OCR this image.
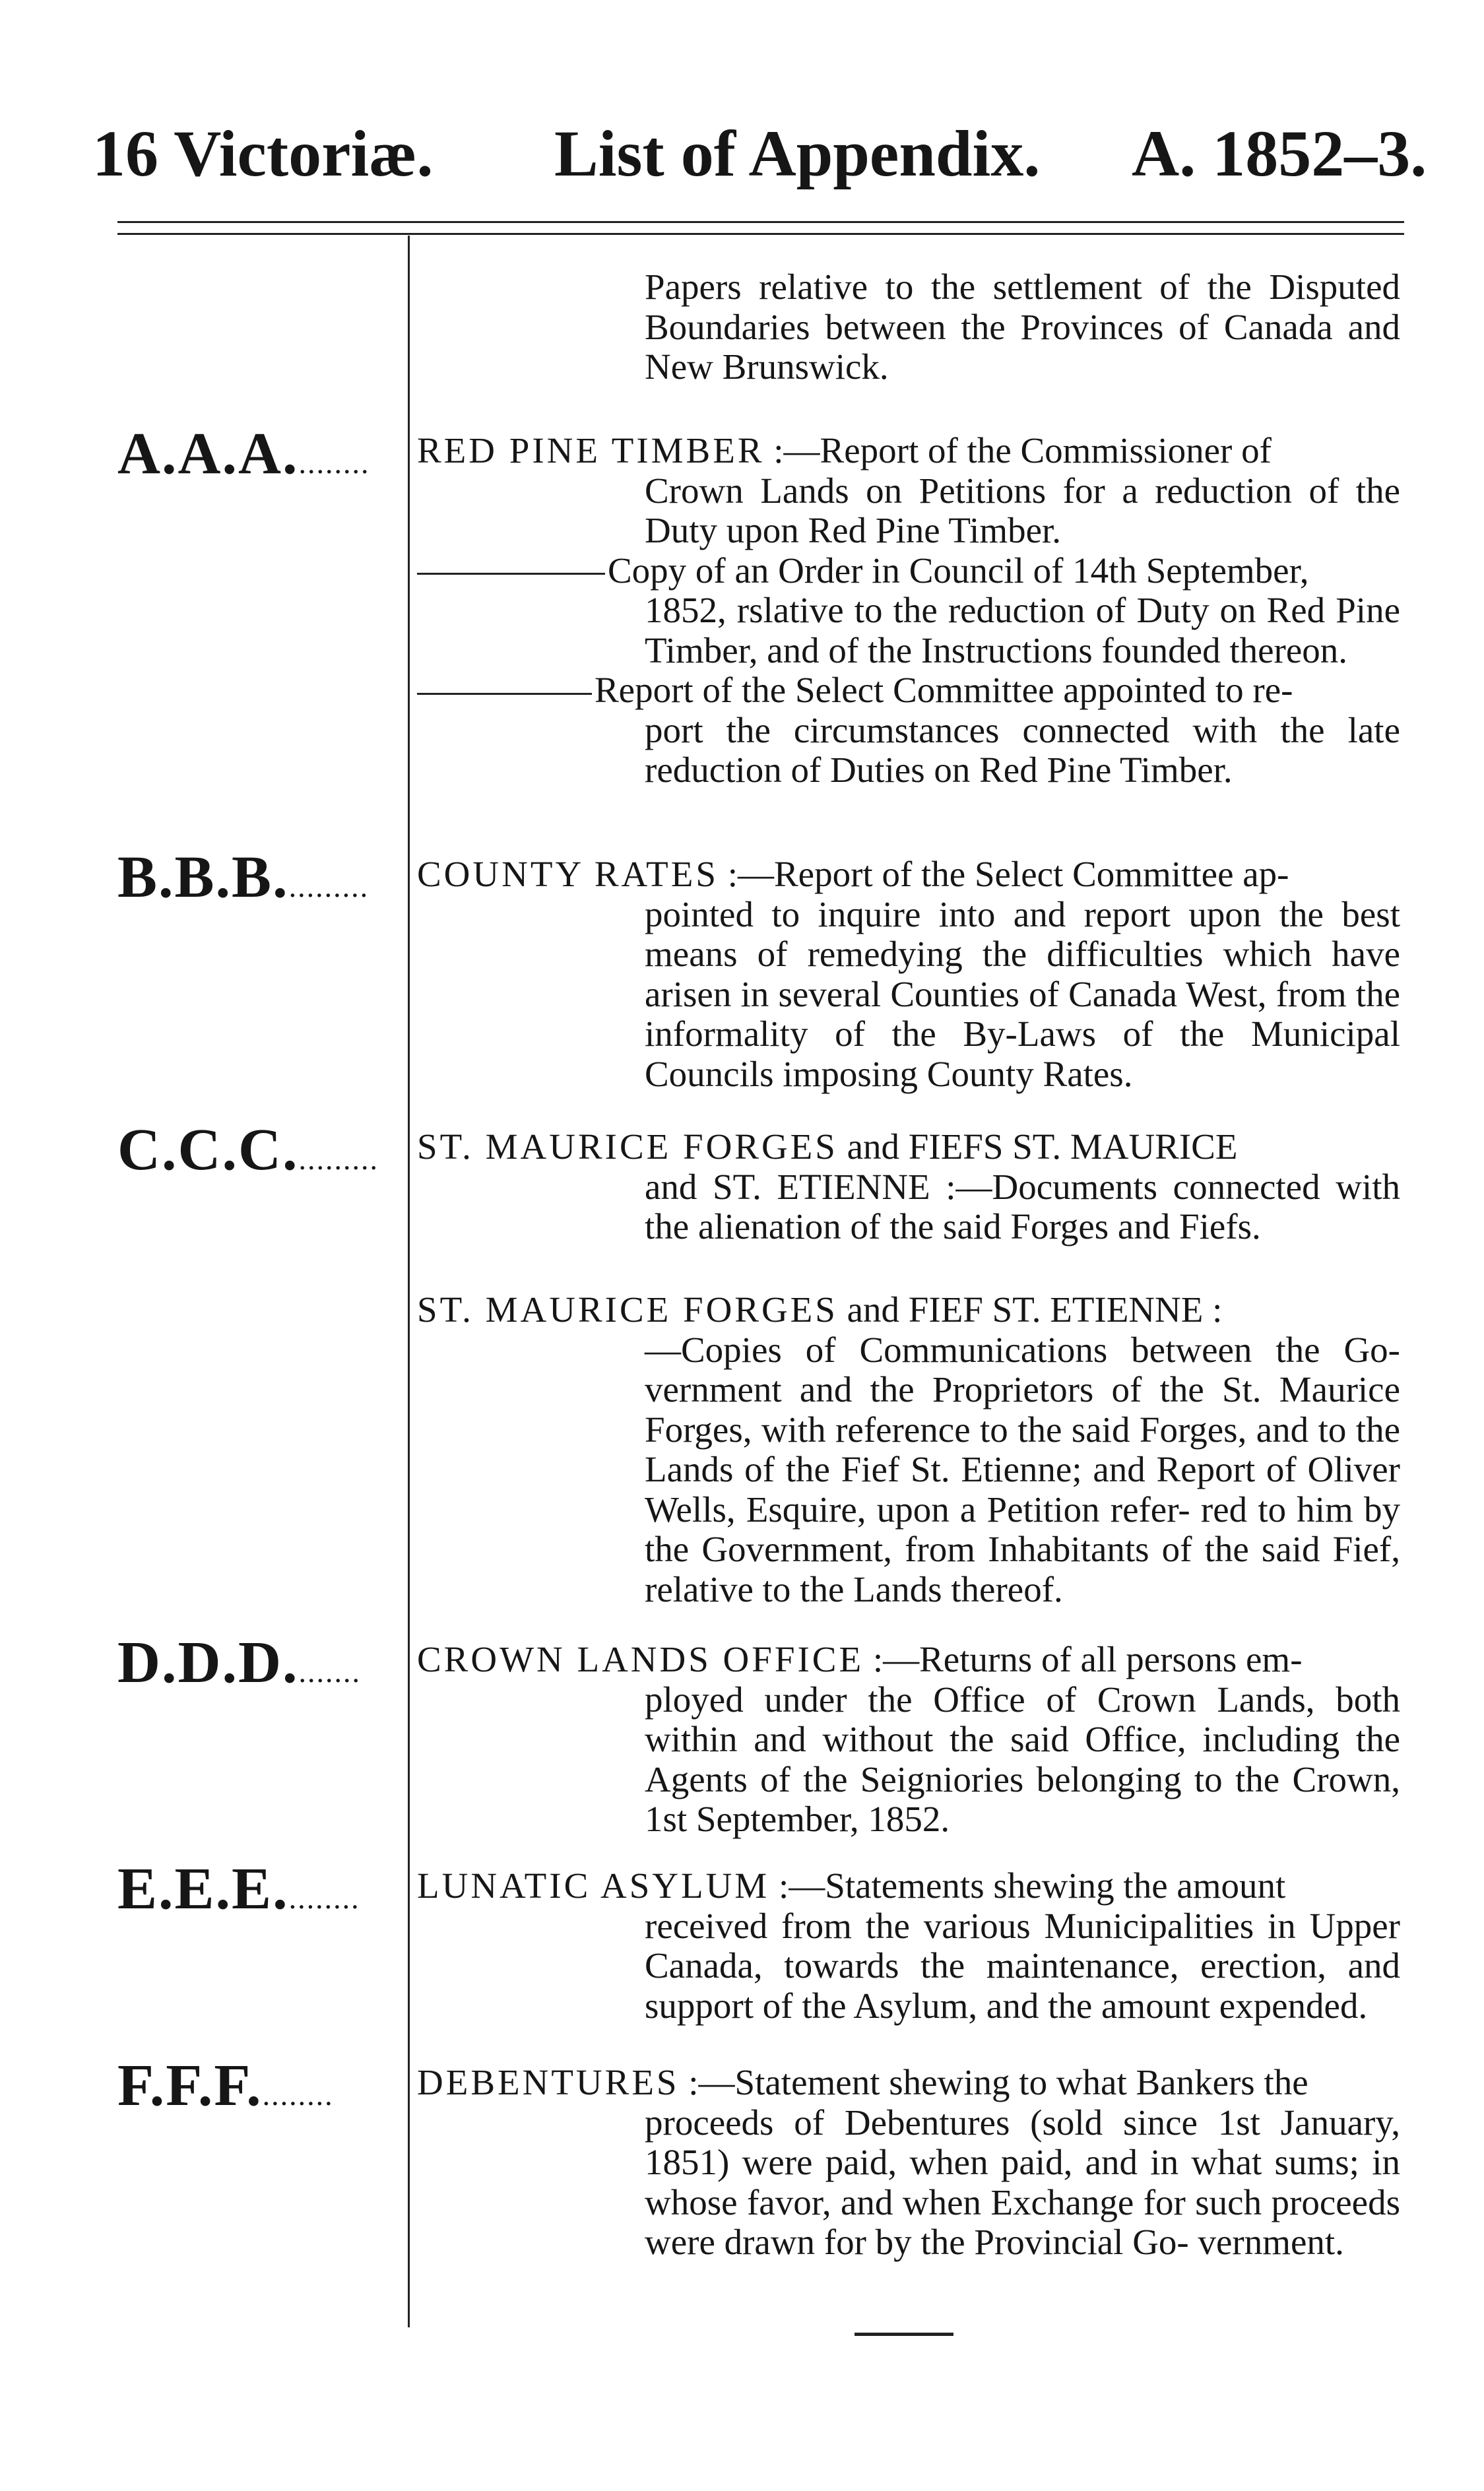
16 Victoriæ. List of Appendix. A. 1852–3.
Papers relative to the settlement of the Disputed Boundaries between the Provinces of Canada and New Brunswick.
A.A.A.........	RED PINE TIMBER :—Report of the Commissioner of
Crown Lands on Petitions for a reduction of the Duty upon Red Pine Timber.
Copy of an Order in Council of 14th September,
1852, rslative to the reduction of Duty on Red Pine Timber, and of the Instructions founded thereon.
Report of the Select Committee appointed to re-
port the circumstances connected with the late reduction of Duties on Red Pine Timber.
B.B.B..........	COUNTY RATES :—Report of the Select Committee ap-
pointed to inquire into and report upon the best means of remedying the difficulties which have arisen in several Counties of Canada West, from the informality of the By-Laws of the Municipal Councils imposing County Rates.
C.C.C..........	ST. MAURICE FORGES and FIEFS ST. MAURICE
and ST. ETIENNE :—Documents connected with the alienation of the said Forges and Fiefs.
ST. MAURICE FORGES and FIEF ST. ETIENNE :
—Copies of Communications between the Go- vernment and the Proprietors of the St. Maurice Forges, with reference to the said Forges, and to the Lands of the Fief St. Etienne; and Report of Oliver Wells, Esquire, upon a Petition refer- red to him by the Government, from Inhabitants of the said Fief, relative to the Lands thereof.
D.D.D........	CROWN LANDS OFFICE :—Returns of all persons em-
ployed under the Office of Crown Lands, both within and without the said Office, including the Agents of the Seigniories belonging to the Crown, 1st September, 1852.
E.E.E.........	LUNATIC ASYLUM :—Statements shewing the amount
received from the various Municipalities in Upper Canada, towards the maintenance, erection, and support of the Asylum, and the amount expended.
F.F.F.........	DEBENTURES :—Statement shewing to what Bankers the
proceeds of Debentures (sold since 1st January, 1851) were paid, when paid, and in what sums; in whose favor, and when Exchange for such proceeds were drawn for by the Provincial Go- vernment.
